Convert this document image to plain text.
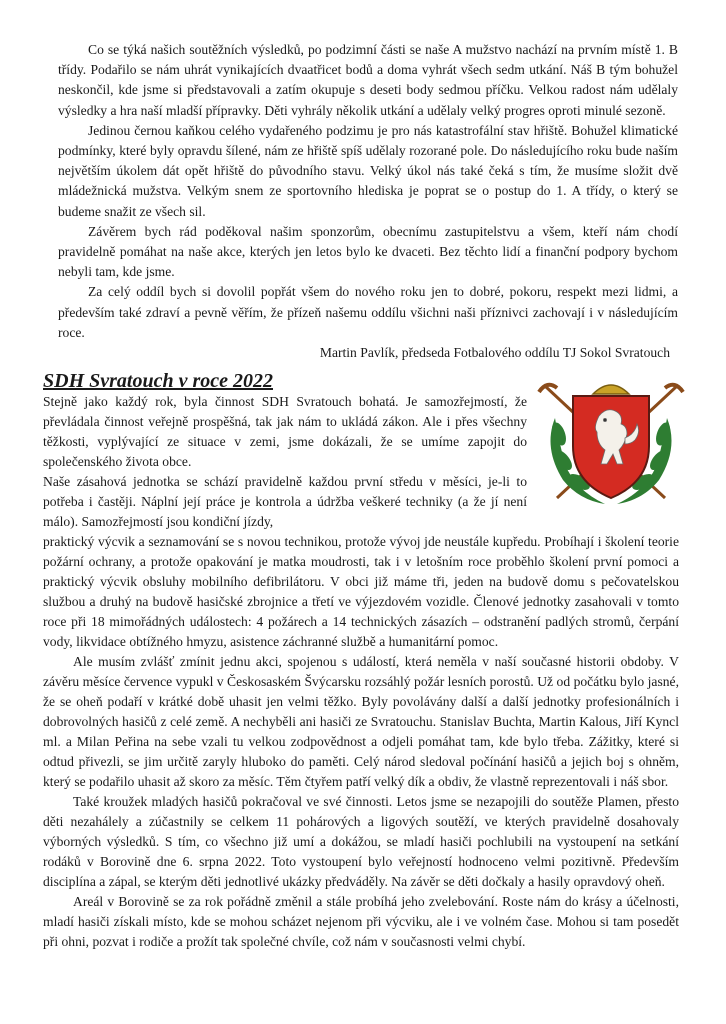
Co se týká našich soutěžních výsledků, po podzimní části se naše A mužstvo nachází na prvním místě 1. B třídy. Podařilo se nám uhrát vynikajících dvaatřicet bodů a doma vyhrát všech sedm utkání. Náš B tým bohužel neskončil, kde jsme si představovali a zatím okupuje s deseti body sedmou příčku. Velkou radost nám udělaly výsledky a hra naší mladší přípravky. Děti vyhrály několik utkání a udělaly velký progres oproti minulé sezoně.

Jedinou černou kaňkou celého vydařeného podzimu je pro nás katastrofální stav hřiště. Bohužel klimatické podmínky, které byly opravdu šílené, nám ze hřiště spíš udělaly rozorané pole. Do následujícího roku bude naším největším úkolem dát opět hřiště do původního stavu. Velký úkol nás také čeká s tím, že musíme složit dvě mládežnická mužstva. Velkým snem ze sportovního hlediska je poprat se o postup do 1. A třídy, o který se budeme snažit ze všech sil.

Závěrem bych rád poděkoval našim sponzorům, obecnímu zastupitelstvu a všem, kteří nám chodí pravidelně pomáhat na naše akce, kterých jen letos bylo ke dvaceti. Bez těchto lidí a finanční podpory bychom nebyli tam, kde jsme.

Za celý oddíl bych si dovolil popřát všem do nového roku jen to dobré, pokoru, respekt mezi lidmi, a především také zdraví a pevně věřím, že přízeň našemu oddílu všichni naši příznivci zachovají i v následujícím roce.

Martin Pavlík, předseda Fotbalového oddílu TJ Sokol Svratouch

SDH Svratouch v roce 2022

Stejně jako každý rok, byla činnost SDH Svratouch bohatá. Je samozřejmostí, že převládala činnost veřejně prospěšná, tak jak nám to ukládá zákon. Ale i přes všechny těžkosti, vyplývající ze situace v zemi, jsme dokázali, že se umíme zapojit do společenského života obce.

Naše zásahová jednotka se schází pravidelně každou první středu v měsíci, je-li to potřeba i častěji. Náplní její práce je kontrola a údržba veškeré techniky (a že jí není málo). Samozřejmostí jsou kondiční jízdy,

praktický výcvik a seznamování se s novou technikou, protože vývoj jde neustále kupředu. Probíhají i školení teorie požární ochrany, a protože opakování je matka moudrosti, tak i v letošním roce proběhlo školení první pomoci a praktický výcvik obsluhy mobilního defibrilátoru. V obci již máme tři, jeden na budově domu s pečovatelskou službou a druhý na budově hasičské zbrojnice a třetí ve výjezdovém vozidle. Členové jednotky zasahovali v tomto roce při 18 mimořádných událostech: 4 požárech a 14 technických zásazích – odstranění padlých stromů, čerpání vody, likvidace obtížného hmyzu, asistence záchranné službě a humanitární pomoc.

Ale musím zvlášť zmínit jednu akci, spojenou s událostí, která neměla v naší současné historii obdoby. V závěru měsíce července vypukl v Českosaském Švýcarsku rozsáhlý požár lesních porostů. Už od počátku bylo jasné, že se oheň podaří v krátké době uhasit jen velmi těžko. Byly povolávány další a další jednotky profesionálních i dobrovolných hasičů z celé země. A nechyběli ani hasiči ze Svratouchu. Stanislav Buchta, Martin Kalous, Jiří Kyncl ml. a Milan Peřina na sebe vzali tu velkou zodpovědnost a odjeli pomáhat tam, kde bylo třeba. Zážitky, které si odtud přivezli, se jim určitě zaryly hluboko do paměti. Celý národ sledoval počínání hasičů a jejich boj s ohněm, který se podařilo uhasit až skoro za měsíc. Těm čtyřem patří velký dík a obdiv, že vlastně reprezentovali i náš sbor.

Také kroužek mladých hasičů pokračoval ve své činnosti. Letos jsme se nezapojili do soutěže Plamen, přesto děti nezahálely a zúčastnily se celkem 11 pohárových a ligových soutěží, ve kterých pravidelně dosahovaly výborných výsledků. S tím, co všechno již umí a dokážou, se mladí hasiči pochlubili na vystoupení na setkání rodáků v Borovině dne 6. srpna 2022. Toto vystoupení bylo veřejností hodnoceno velmi pozitivně. Především disciplína a zápal, se kterým děti jednotlivé ukázky předváděly. Na závěr se děti dočkaly a hasily opravdový oheň.

Areál v Borovině se za rok pořádně změnil a stále probíhá jeho zvelebování. Roste nám do krásy a účelnosti, mladí hasiči získali místo, kde se mohou scházet nejenom při výcviku, ale i ve volném čase. Mohou si tam posedět při ohni, pozvat i rodiče a prožít tak společné chvíle, což nám v současnosti velmi chybí.
